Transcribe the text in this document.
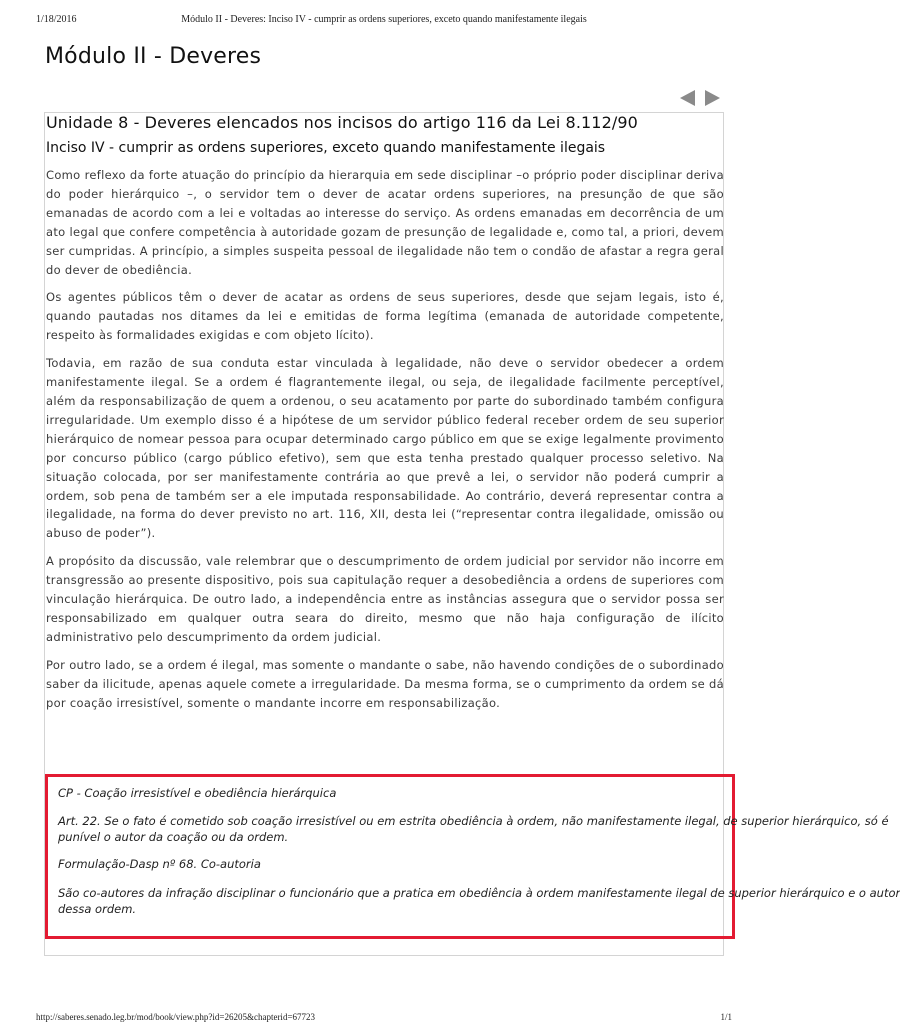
1/18/2016	Módulo II - Deveres: Inciso IV - cumprir as ordens superiores, exceto quando manifestamente ilegais
Módulo II - Deveres
Unidade 8 - Deveres elencados nos incisos do artigo 116 da Lei 8.112/90
Inciso IV - cumprir as ordens superiores, exceto quando manifestamente ilegais

Como reflexo da forte atuação do princípio da hierarquia em sede disciplinar –o próprio poder disciplinar deriva do poder hierárquico –, o servidor tem o dever de acatar ordens superiores, na presunção de que são emanadas de acordo com a lei e voltadas ao interesse do serviço. As ordens emanadas em decorrência de um ato legal que confere competência à autoridade gozam de presunção de legalidade e, como tal, a priori, devem ser cumpridas. A princípio, a simples suspeita pessoal de ilegalidade não tem o condão de afastar a regra geral do dever de obediência.

Os agentes públicos têm o dever de acatar as ordens de seus superiores, desde que sejam legais, isto é, quando pautadas nos ditames da lei e emitidas de forma legítima (emanada de autoridade competente, respeito às formalidades exigidas e com objeto lícito).

Todavia, em razão de sua conduta estar vinculada à legalidade, não deve o servidor obedecer a ordem manifestamente ilegal. Se a ordem é flagrantemente ilegal, ou seja, de ilegalidade facilmente perceptível, além da responsabilização de quem a ordenou, o seu acatamento por parte do subordinado também configura irregularidade. Um exemplo disso é a hipótese de um servidor público federal receber ordem de seu superior hierárquico de nomear pessoa para ocupar determinado cargo público em que se exige legalmente provimento por concurso público (cargo público efetivo), sem que esta tenha prestado qualquer processo seletivo. Na situação colocada, por ser manifestamente contrária ao que prevê a lei, o servidor não poderá cumprir a ordem, sob pena de também ser a ele imputada responsabilidade. Ao contrário, deverá representar contra a ilegalidade, na forma do dever previsto no art. 116, XII, desta lei (“representar contra ilegalidade, omissão ou abuso de poder”).

A propósito da discussão, vale relembrar que o descumprimento de ordem judicial por servidor não incorre em transgressão ao presente dispositivo, pois sua capitulação requer a desobediência a ordens de superiores com vinculação hierárquica. De outro lado, a independência entre as instâncias assegura que o servidor possa ser responsabilizado em qualquer outra seara do direito, mesmo que não haja configuração de ilícito administrativo pelo descumprimento da ordem judicial.

Por outro lado, se a ordem é ilegal, mas somente o mandante o sabe, não havendo condições de o subordinado saber da ilicitude, apenas aquele comete a irregularidade. Da mesma forma, se o cumprimento da ordem se dá por coação irresistível, somente o mandante incorre em responsabilização.

CP - Coação irresistível e obediência hierárquica

Art. 22. Se o fato é cometido sob coação irresistível ou em estrita obediência à ordem, não manifestamente ilegal, de superior hierárquico, só é
punível o autor da coação ou da ordem.

Formulação-Dasp nº 68. Co-autoria

São co-autores da infração disciplinar o funcionário que a pratica em obediência à ordem manifestamente ilegal de superior hierárquico e o autor
dessa ordem.

http://saberes.senado.leg.br/mod/book/view.php?id=26205&chapterid=67723	1/1
